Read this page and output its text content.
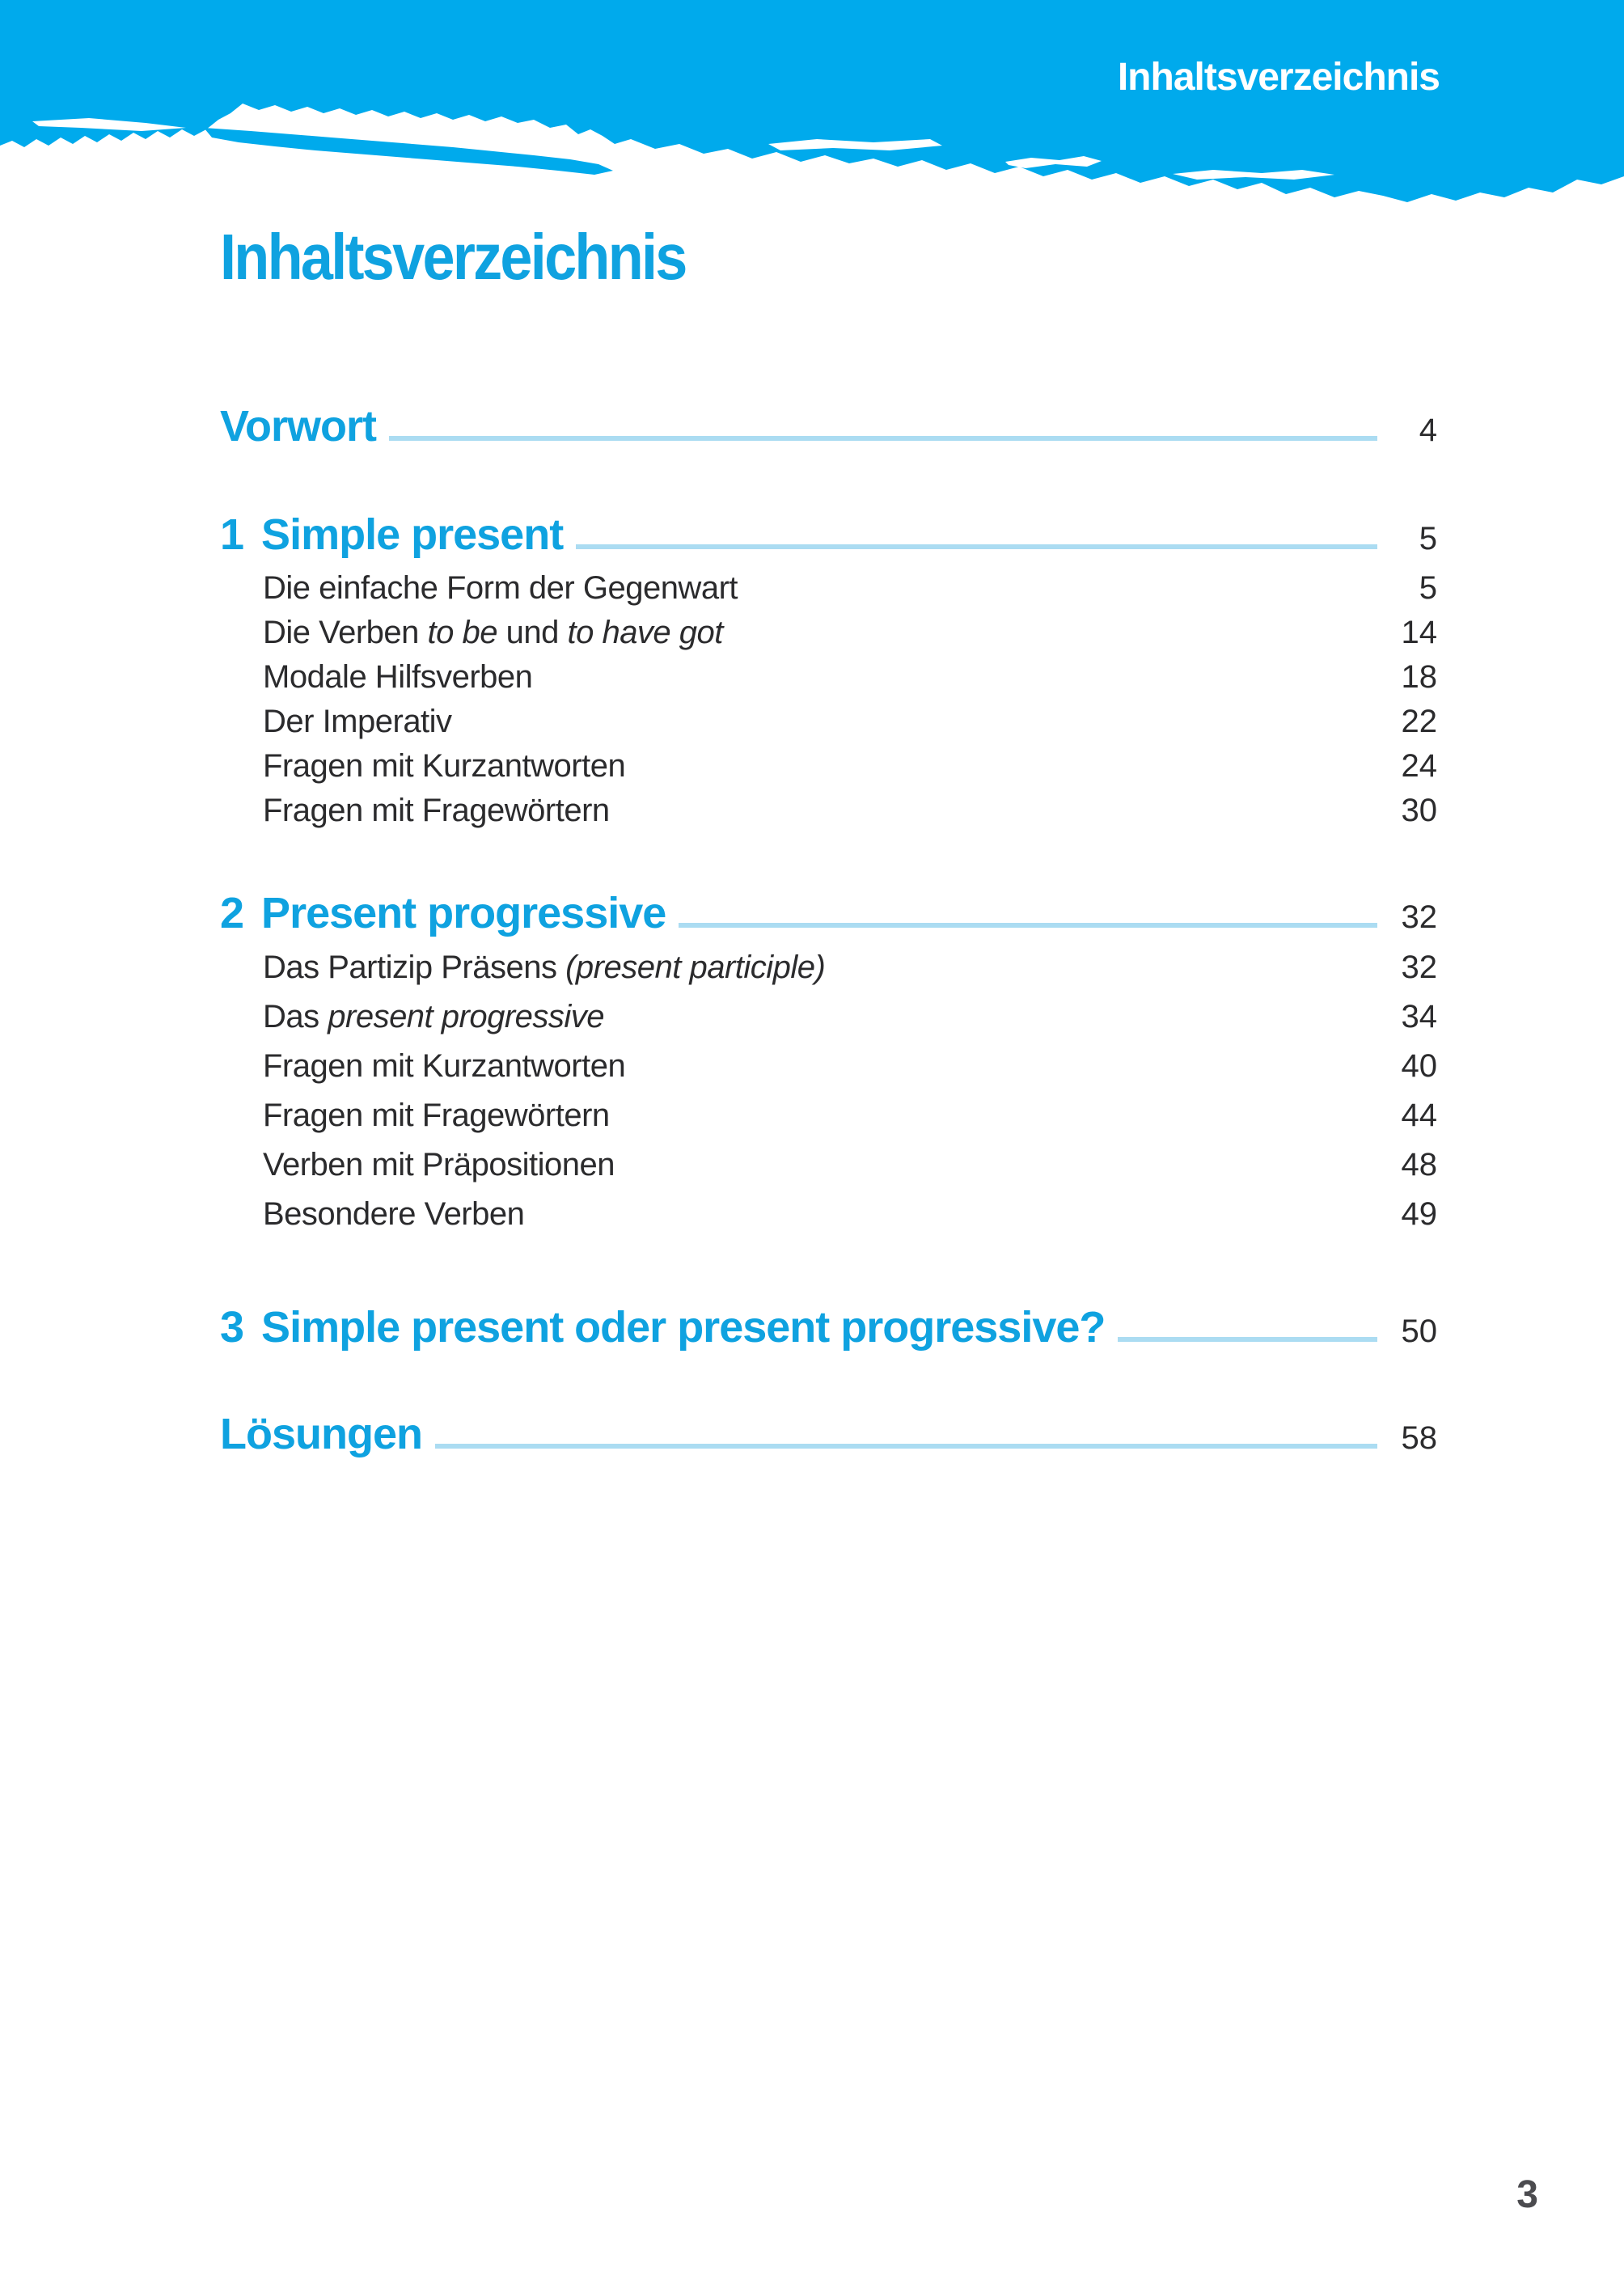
Inhaltsverzeichnis
Inhaltsverzeichnis
Vorwort	4
1 Simple present	5
Die einfache Form der Gegenwart	5
Die Verben to be und to have got	14
Modale Hilfsverben	18
Der Imperativ	22
Fragen mit Kurzantworten	24
Fragen mit Fragewörtern	30
2 Present progressive	32
Das Partizip Präsens (present participle)	32
Das present progressive	34
Fragen mit Kurzantworten	40
Fragen mit Fragewörtern	44
Verben mit Präpositionen	48
Besondere Verben	49
3 Simple present oder present progressive?	50
Lösungen	58
3
